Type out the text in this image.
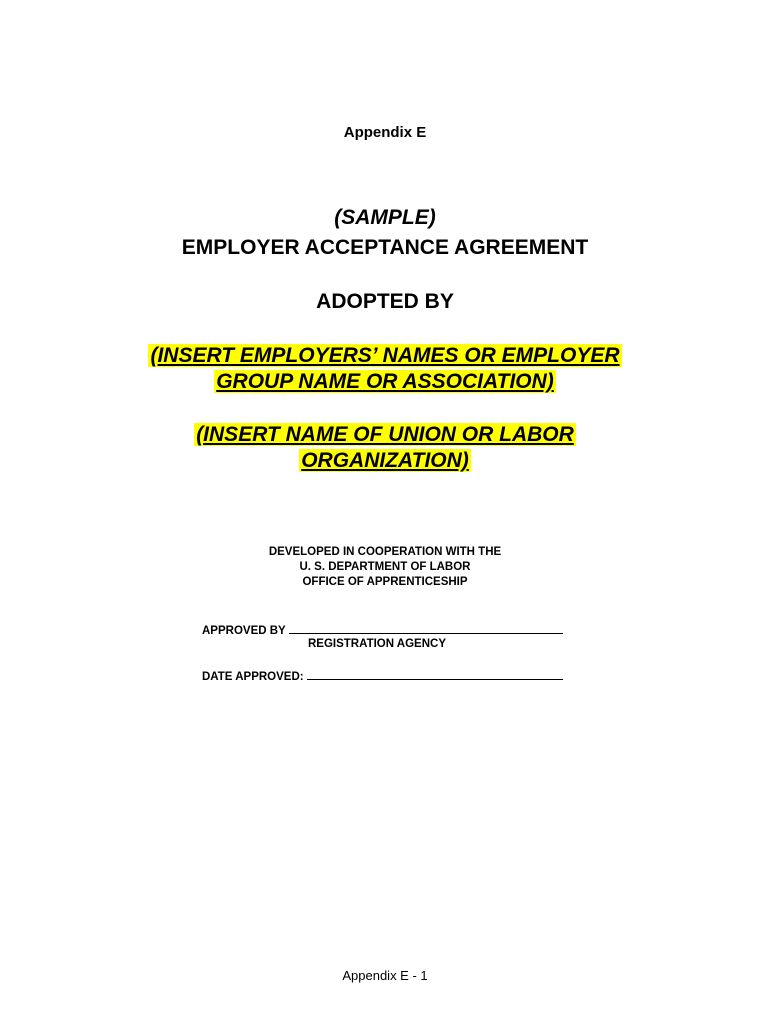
Appendix E
(SAMPLE)
EMPLOYER ACCEPTANCE AGREEMENT
ADOPTED BY
(INSERT EMPLOYERS’ NAMES OR EMPLOYER
GROUP NAME OR ASSOCIATION)
(INSERT NAME OF UNION OR LABOR
ORGANIZATION)
DEVELOPED IN COOPERATION WITH THE
U. S. DEPARTMENT OF LABOR
OFFICE OF APPRENTICESHIP
APPROVED BY
REGISTRATION AGENCY
DATE APPROVED:
Appendix E - 1
